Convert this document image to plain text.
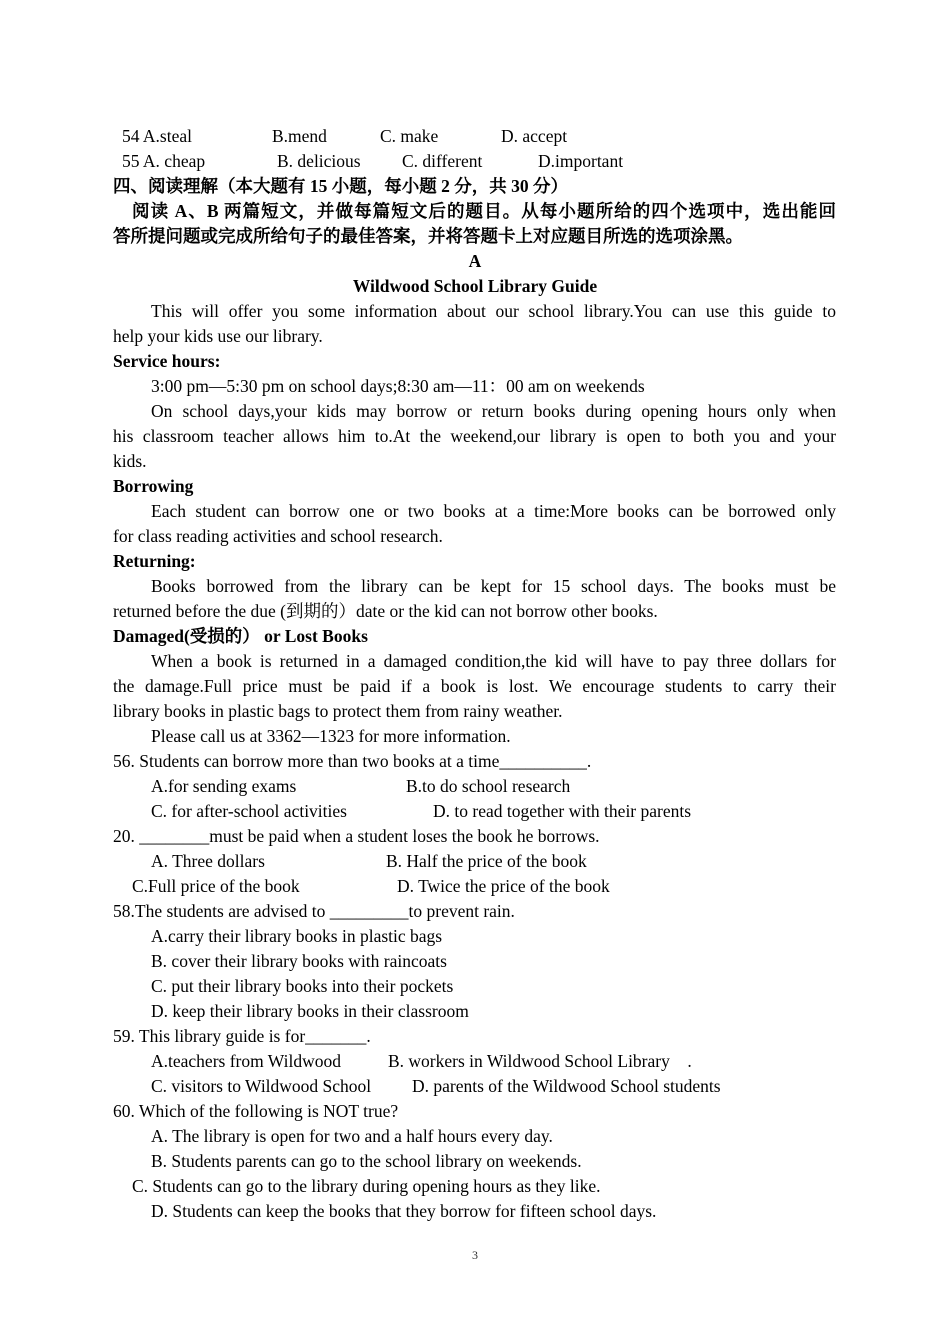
54 A.steal	B.mend	C. make	D. accept
55 A. cheap	B. delicious C. different	D.important
四、阅读理解（本大题有 15 小题，每小题 2 分，共 30 分）
阅读 A、B 两篇短文，并做每篇短文后的题目。从每小题所给的四个选项中，选出能回
答所提问题或完成所给句子的最佳答案，并将答题卡上对应题目所选的选项涂黑。
A
Wildwood School Library Guide
This will offer you some information about our school library.You can use this guide to
help your kids use our library.
Service hours:
3:00 pm—5:30 pm on school days;8:30 am—11：00 am on weekends
On school days,your kids may borrow or return books during opening hours only when
his classroom teacher allows him to.At the weekend,our library is open to both you and your
kids.
Borrowing
Each student can borrow one or two books at a time:More books can be borrowed only
for class reading activities and school research.
Returning:
Books borrowed from the library can be kept for 15 school days. The books must be
returned before the due (到期的）date or the kid can not borrow other books.
Damaged(受损的） or Lost Books
When a book is returned in a damaged condition,the kid will have to pay three dollars for
the damage.Full price must be paid if a book is lost. We encourage students to carry their
library books in plastic bags to protect them from rainy weather.
Please call us at 3362—1323 for more information.
56. Students can borrow more than two books at a time__________.
A.for sending exams	B.to do school research
C. for after-school activities	D. to read together with their parents
20. ________must be paid when a student loses the book he borrows.
A. Three dollars	B. Half the price of the book
C.Full price of the book	D. Twice the price of the book
58.The students are advised to _________to prevent rain.
A.carry their library books in plastic bags
B. cover their library books with raincoats
C. put their library books into their pockets
D. keep their library books in their classroom
59. This library guide is for_______.
A.teachers from Wildwood	B. workers in Wildwood School Library　.
C. visitors to Wildwood School D. parents of the Wildwood School students
60. Which of the following is NOT true?
A. The library is open for two and a half hours every day.
B. Students parents can go to the school library on weekends.
C. Students can go to the library during opening hours as they like.
D. Students can keep the books that they borrow for fifteen school days.
3
